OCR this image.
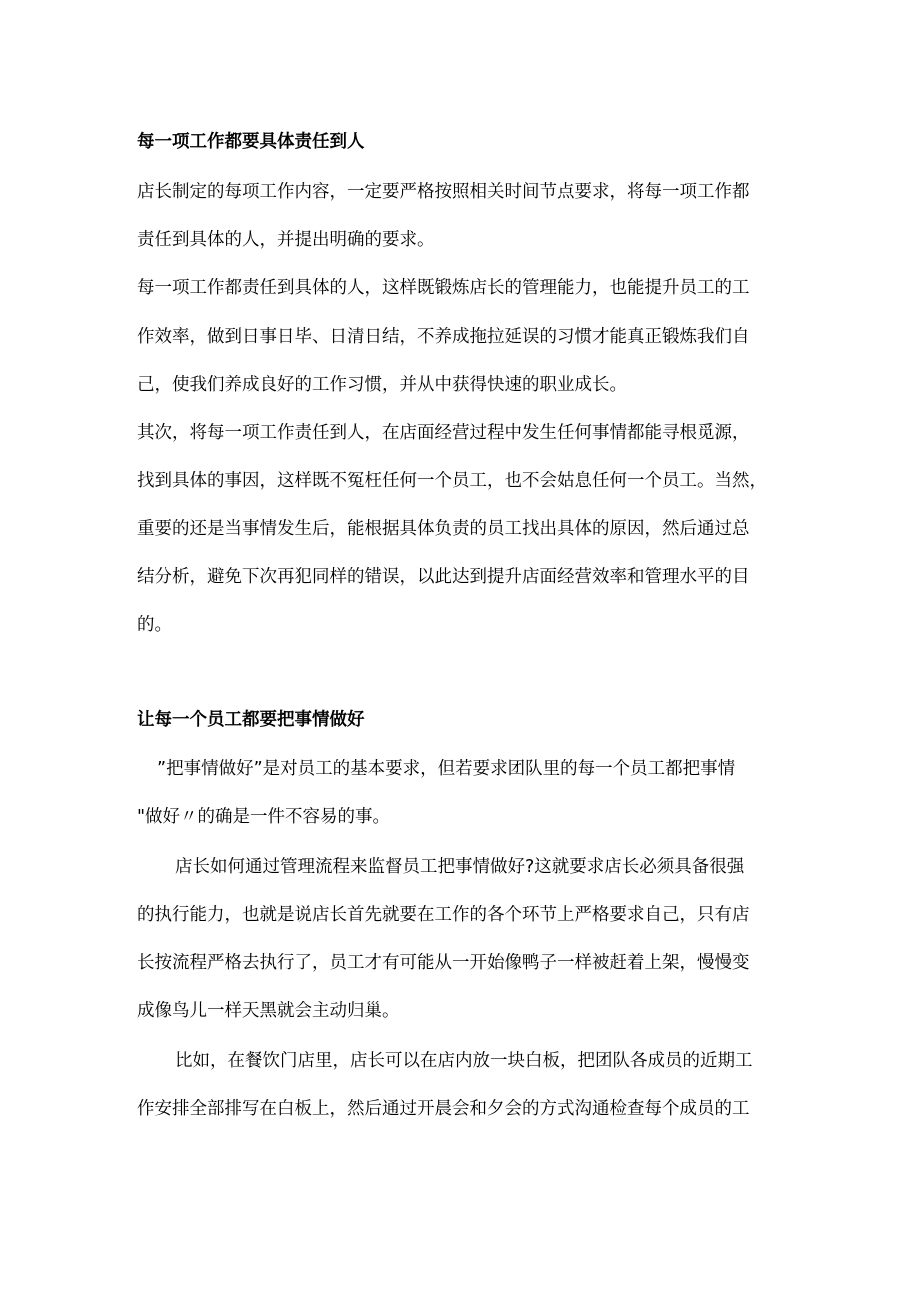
每一项工作都要具体责任到人
店长制定的每项工作内容，一定要严格按照相关时间节点要求，将每一项工作都
责任到具体的人，并提出明确的要求。
每一项工作都责任到具体的人，这样既锻炼店长的管理能力，也能提升员工的工
作效率，做到日事日毕、日清日结，不养成拖拉延误的习惯才能真正锻炼我们自
己，使我们养成良好的工作习惯，并从中获得快速的职业成长。
其次，将每一项工作责任到人，在店面经营过程中发生任何事情都能寻根觅源，
找到具体的事因，这样既不冤枉任何一个员工，也不会姑息任何一个员工。当然，
重要的还是当事情发生后，能根据具体负责的员工找出具体的原因，然后通过总
结分析，避免下次再犯同样的错误，以此达到提升店面经营效率和管理水平的目
的。
让每一个员工都要把事情做好
”把事情做好”是对员工的基本要求，但若要求团队里的每一个员工都把事情
"做好〃的确是一件不容易的事。
店长如何通过管理流程来监督员工把事情做好?这就要求店长必须具备很强
的执行能力，也就是说店长首先就要在工作的各个环节上严格要求自己，只有店
长按流程严格去执行了，员工才有可能从一开始像鸭子一样被赶着上架，慢慢变
成像鸟儿一样天黑就会主动归巢。
比如，在餐饮门店里，店长可以在店内放一块白板，把团队各成员的近期工
作安排全部排写在白板上，然后通过开晨会和夕会的方式沟通检查每个成员的工
